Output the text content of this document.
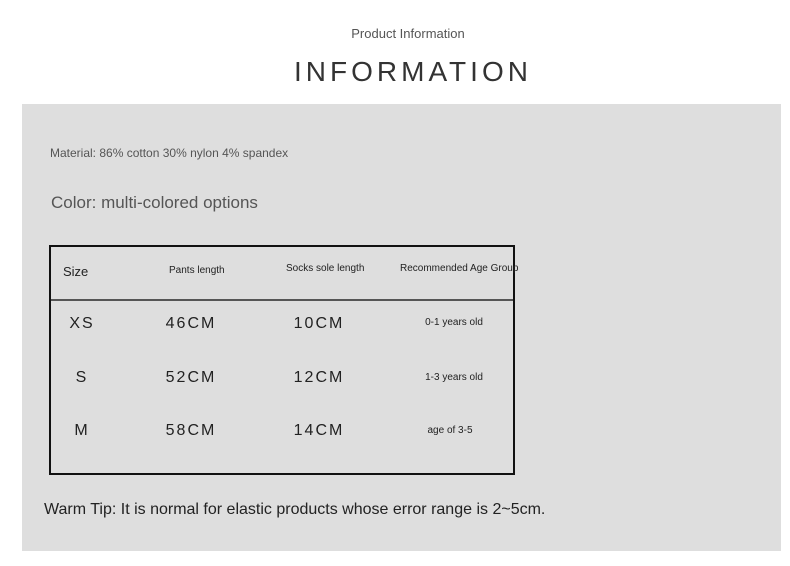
Product Information
INFORMATION
Material: 86% cotton 30% nylon 4% spandex
Color: multi-colored options
Size	Pants length	Socks sole length	Recommended Age Group
XS	46CM	10CM	0-1 years old
S	52CM	12CM	1-3 years old
M	58CM	14CM	age of 3-5
Warm Tip: It is normal for elastic products whose error range is 2~5cm.
